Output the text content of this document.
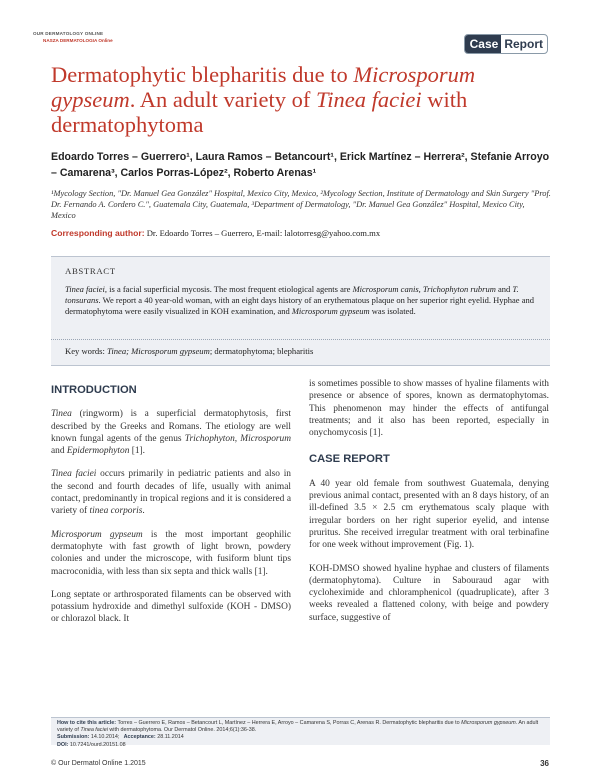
OUR DERMATOLOGY ONLINE
NASZA DERMATOLOGIA Online	Case Report
Dermatophytic blepharitis due to Microsporum gypseum. An adult variety of Tinea faciei with dermatophytoma
Edoardo Torres – Guerrero¹, Laura Ramos – Betancourt¹, Erick Martínez – Herrera², Stefanie Arroyo – Camarena³, Carlos Porras-López², Roberto Arenas¹
¹Mycology Section, "Dr. Manuel Gea González" Hospital, Mexico City, Mexico, ²Mycology Section, Institute of Dermatology and Skin Surgery "Prof. Dr. Fernando A. Cordero C.", Guatemala City, Guatemala, ³Department of Dermatology, "Dr. Manuel Gea González" Hospital, Mexico City, Mexico
Corresponding author: Dr. Edoardo Torres – Guerrero, E-mail: lalotorresg@yahoo.com.mx
ABSTRACT
Tinea faciei, is a facial superficial mycosis. The most frequent etiological agents are Microsporum canis, Trichophyton rubrum and T. tonsurans. We report a 40 year-old woman, with an eight days history of an erythematous plaque on her superior right eyelid. Hyphae and dermatophytoma were easily visualized in KOH examination, and Microsporum gypseum was isolated.
Key words: Tinea; Microsporum gypseum; dermatophytoma; blepharitis
INTRODUCTION

Tinea (ringworm) is a superficial dermatophytosis, first described by the Greeks and Romans. The etiology are well known fungal agents of the genus Trichophyton, Microsporum and Epidermophyton [1].

Tinea faciei occurs primarily in pediatric patients and also in the second and fourth decades of life, usually with animal contact, predominantly in tropical regions and it is considered a variety of tinea corporis.

Microsporum gypseum is the most important geophilic dermatophyte with fast growth of light brown, powdery colonies and under the microscope, with fusiform blunt tips macroconidia, with less than six septa and thick walls [1].

Long septate or arthrosporated filaments can be observed with potassium hydroxide and dimethyl sulfoxide (KOH - DMSO) or chlorazol black. It

is sometimes possible to show masses of hyaline filaments with presence or absence of spores, known as dermatophytomas. This phenomenon may hinder the effects of antifungal treatments; and it also has been reported, especially in onychomycosis [1].

CASE REPORT

A 40 year old female from southwest Guatemala, denying previous animal contact, presented with an 8 days history, of an ill-defined 3.5 × 2.5 cm erythematous scaly plaque with irregular borders on her right superior eyelid, and intense pruritus. She received irregular treatment with oral terbinafine for one week without improvement (Fig. 1).

KOH-DMSO showed hyaline hyphae and clusters of filaments (dermatophytoma). Culture in Sabouraud agar with cycloheximide and chloramphenicol (quadruplicate), after 3 weeks revealed a flattened colony, with beige and powdery surface, suggestive of

How to cite this article: Torres – Guerrero E, Ramos – Betancourt L, Martínez – Herrera E, Arroyo – Camarena S, Porras C, Arenas R. Dermatophytic blepharitis due to Microsporum gypseum. An adult variety of Tinea faciei with dermatophytoma. Our Dermatol Online. 2014;6(1):36-38.
Submission: 14.10.2014;   Acceptance: 28.11.2014
DOI: 10.7241/ourd.20151.08
© Our Dermatol Online 1.2015	36
